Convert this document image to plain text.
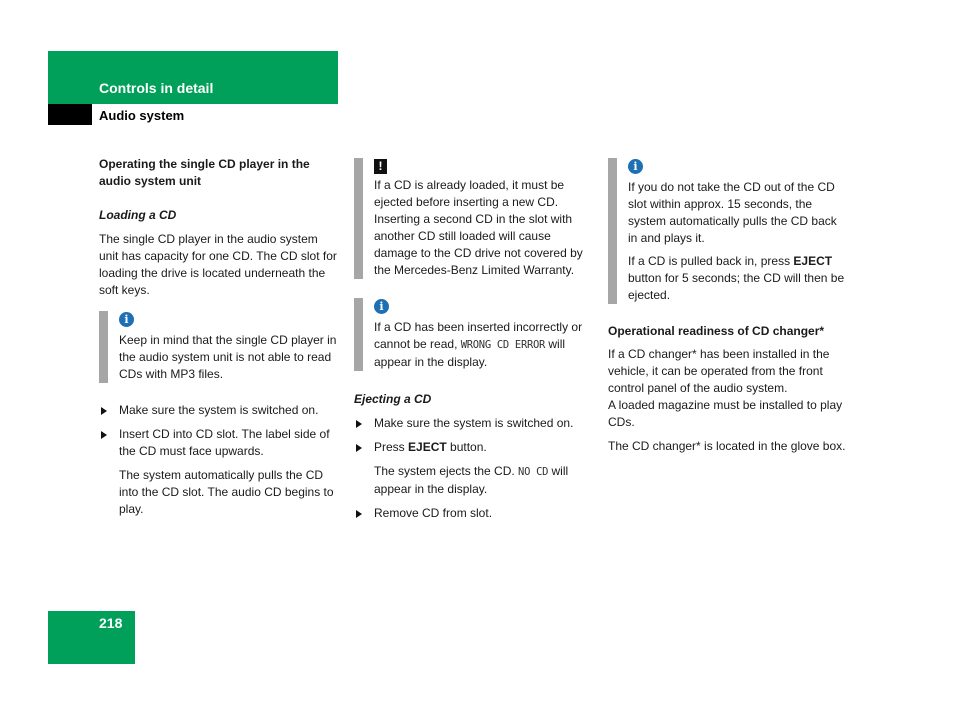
Controls in detail
Audio system

Operating the single CD player in the audio system unit

Loading a CD

The single CD player in the audio system unit has capacity for one CD. The CD slot for loading the drive is located underneath the soft keys.

i

Keep in mind that the single CD player in the audio system unit is not able to read CDs with MP3 files.

Make sure the system is switched on.

Insert CD into CD slot. The label side of the CD must face upwards.

The system automatically pulls the CD into the CD slot. The audio CD begins to play.

!

If a CD is already loaded, it must be ejected before inserting a new CD. Inserting a second CD in the slot with another CD still loaded will cause damage to the CD drive not covered by the Mercedes-Benz Limited Warranty.

i

If a CD has been inserted incorrectly or cannot be read, WRONG CD ERROR will appear in the display.

Ejecting a CD

Make sure the system is switched on.

Press EJECT button.

The system ejects the CD. NO CD will appear in the display.

Remove CD from slot.

i

If you do not take the CD out of the CD slot within approx. 15 seconds, the system automatically pulls the CD back in and plays it.

If a CD is pulled back in, press EJECT button for 5 seconds; the CD will then be ejected.

Operational readiness of CD changer*

If a CD changer* has been installed in the vehicle, it can be operated from the front control panel of the audio system.

A loaded magazine must be installed to play CDs.

The CD changer* is located in the glove box.

218
